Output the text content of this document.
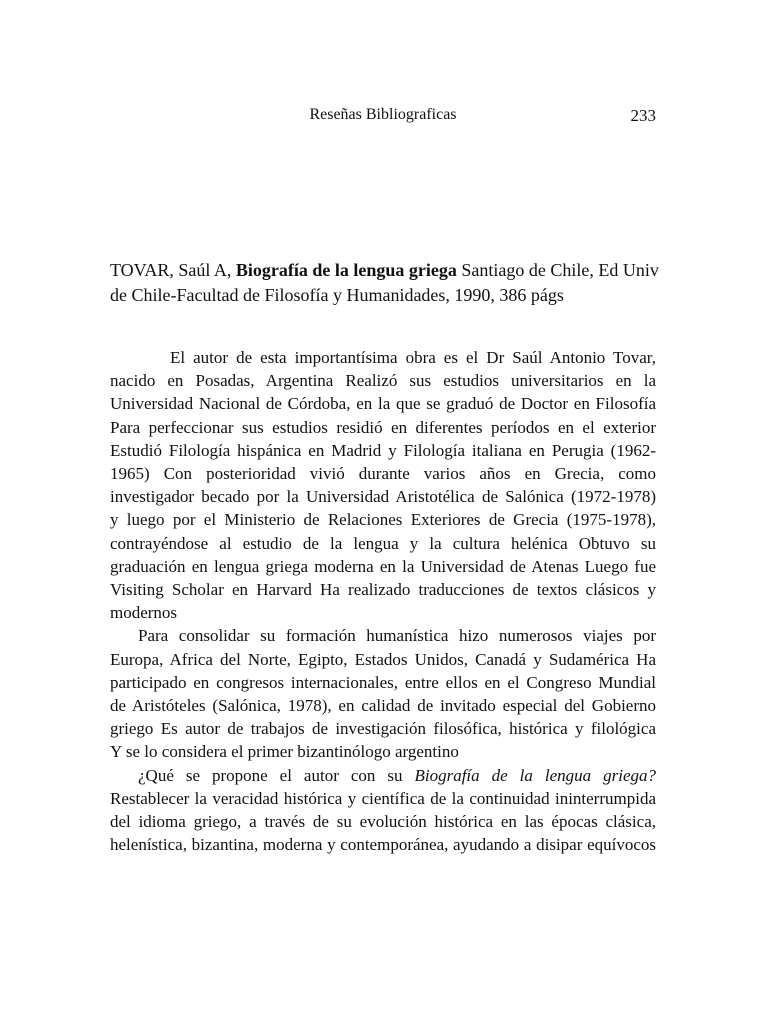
Reseñas Bibliograficas	233
TOVAR, Saúl A, Biografía de la lengua griega Santiago de Chile, Ed Univ
de Chile-Facultad de Filosofía y Humanidades, 1990, 386 págs
El autor de esta importantísima obra es el Dr Saúl Antonio Tovar,
nacido en Posadas, Argentina Realizó sus estudios universitarios en la
Universidad Nacional de Córdoba, en la que se graduó de Doctor en Filosofía
Para perfeccionar sus estudios residió en diferentes períodos en el exterior
Estudió Filología hispánica en Madrid y Filología italiana en Perugia (1962-
1965) Con posterioridad vivió durante varios años en Grecia, como
investigador becado por la Universidad Aristotélica de Salónica (1972-1978)
y luego por el Ministerio de Relaciones Exteriores de Grecia (1975-1978),
contrayéndose al estudio de la lengua y la cultura helénica Obtuvo su
graduación en lengua griega moderna en la Universidad de Atenas Luego fue
Visiting Scholar en Harvard Ha realizado traducciones de textos clásicos y
modernos
Para consolidar su formación humanística hizo numerosos viajes por
Europa, Africa del Norte, Egipto, Estados Unidos, Canadá y Sudamérica Ha
participado en congresos internacionales, entre ellos en el Congreso Mundial
de Aristóteles (Salónica, 1978), en calidad de invitado especial del Gobierno
griego Es autor de trabajos de investigación filosófica, histórica y filológica
Y se lo considera el primer bizantinólogo argentino
¿Qué se propone el autor con su Biografía de la lengua griega?
Restablecer la veracidad histórica y científica de la continuidad ininterrumpida
del idioma griego, a través de su evolución histórica en las épocas clásica,
helenística, bizantina, moderna y contemporánea, ayudando a disipar equívocos
